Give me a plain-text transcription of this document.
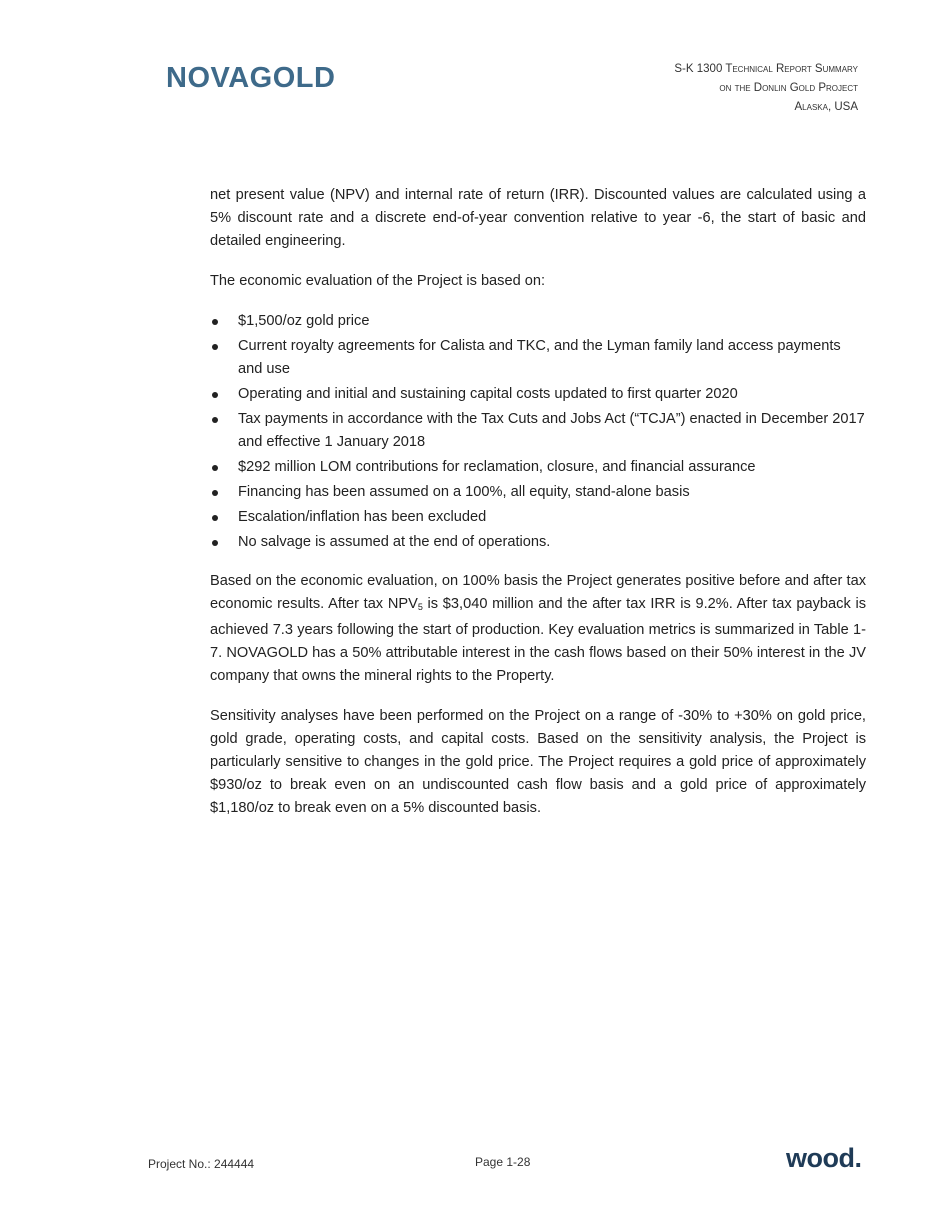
NOVAGOLD	S-K 1300 Technical Report Summary
on the Donlin Gold Project
Alaska, USA

net present value (NPV) and internal rate of return (IRR). Discounted values are calculated using a 5% discount rate and a discrete end-of-year convention relative to year -6, the start of basic and detailed engineering.

The economic evaluation of the Project is based on:

$1,500/oz gold price
Current royalty agreements for Calista and TKC, and the Lyman family land access payments and use
Operating and initial and sustaining capital costs updated to first quarter 2020
Tax payments in accordance with the Tax Cuts and Jobs Act (“TCJA”) enacted in December 2017 and effective 1 January 2018
$292 million LOM contributions for reclamation, closure, and financial assurance
Financing has been assumed on a 100%, all equity, stand-alone basis
Escalation/inflation has been excluded
No salvage is assumed at the end of operations.

Based on the economic evaluation, on 100% basis the Project generates positive before and after tax economic results. After tax $NPV_5$ is $3,040 million and the after tax IRR is 9.2%. After tax payback is achieved 7.3 years following the start of production. Key evaluation metrics is summarized in Table 1-7. NOVAGOLD has a 50% attributable interest in the cash flows based on their 50% interest in the JV company that owns the mineral rights to the Property.

Sensitivity analyses have been performed on the Project on a range of -30% to +30% on gold price, gold grade, operating costs, and capital costs. Based on the sensitivity analysis, the Project is particularly sensitive to changes in the gold price. The Project requires a gold price of approximately $930/oz to break even on an undiscounted cash flow basis and a gold price of approximately $1,180/oz to break even on a 5% discounted basis.

Project No.: 244444	Page 1-28	wood.
